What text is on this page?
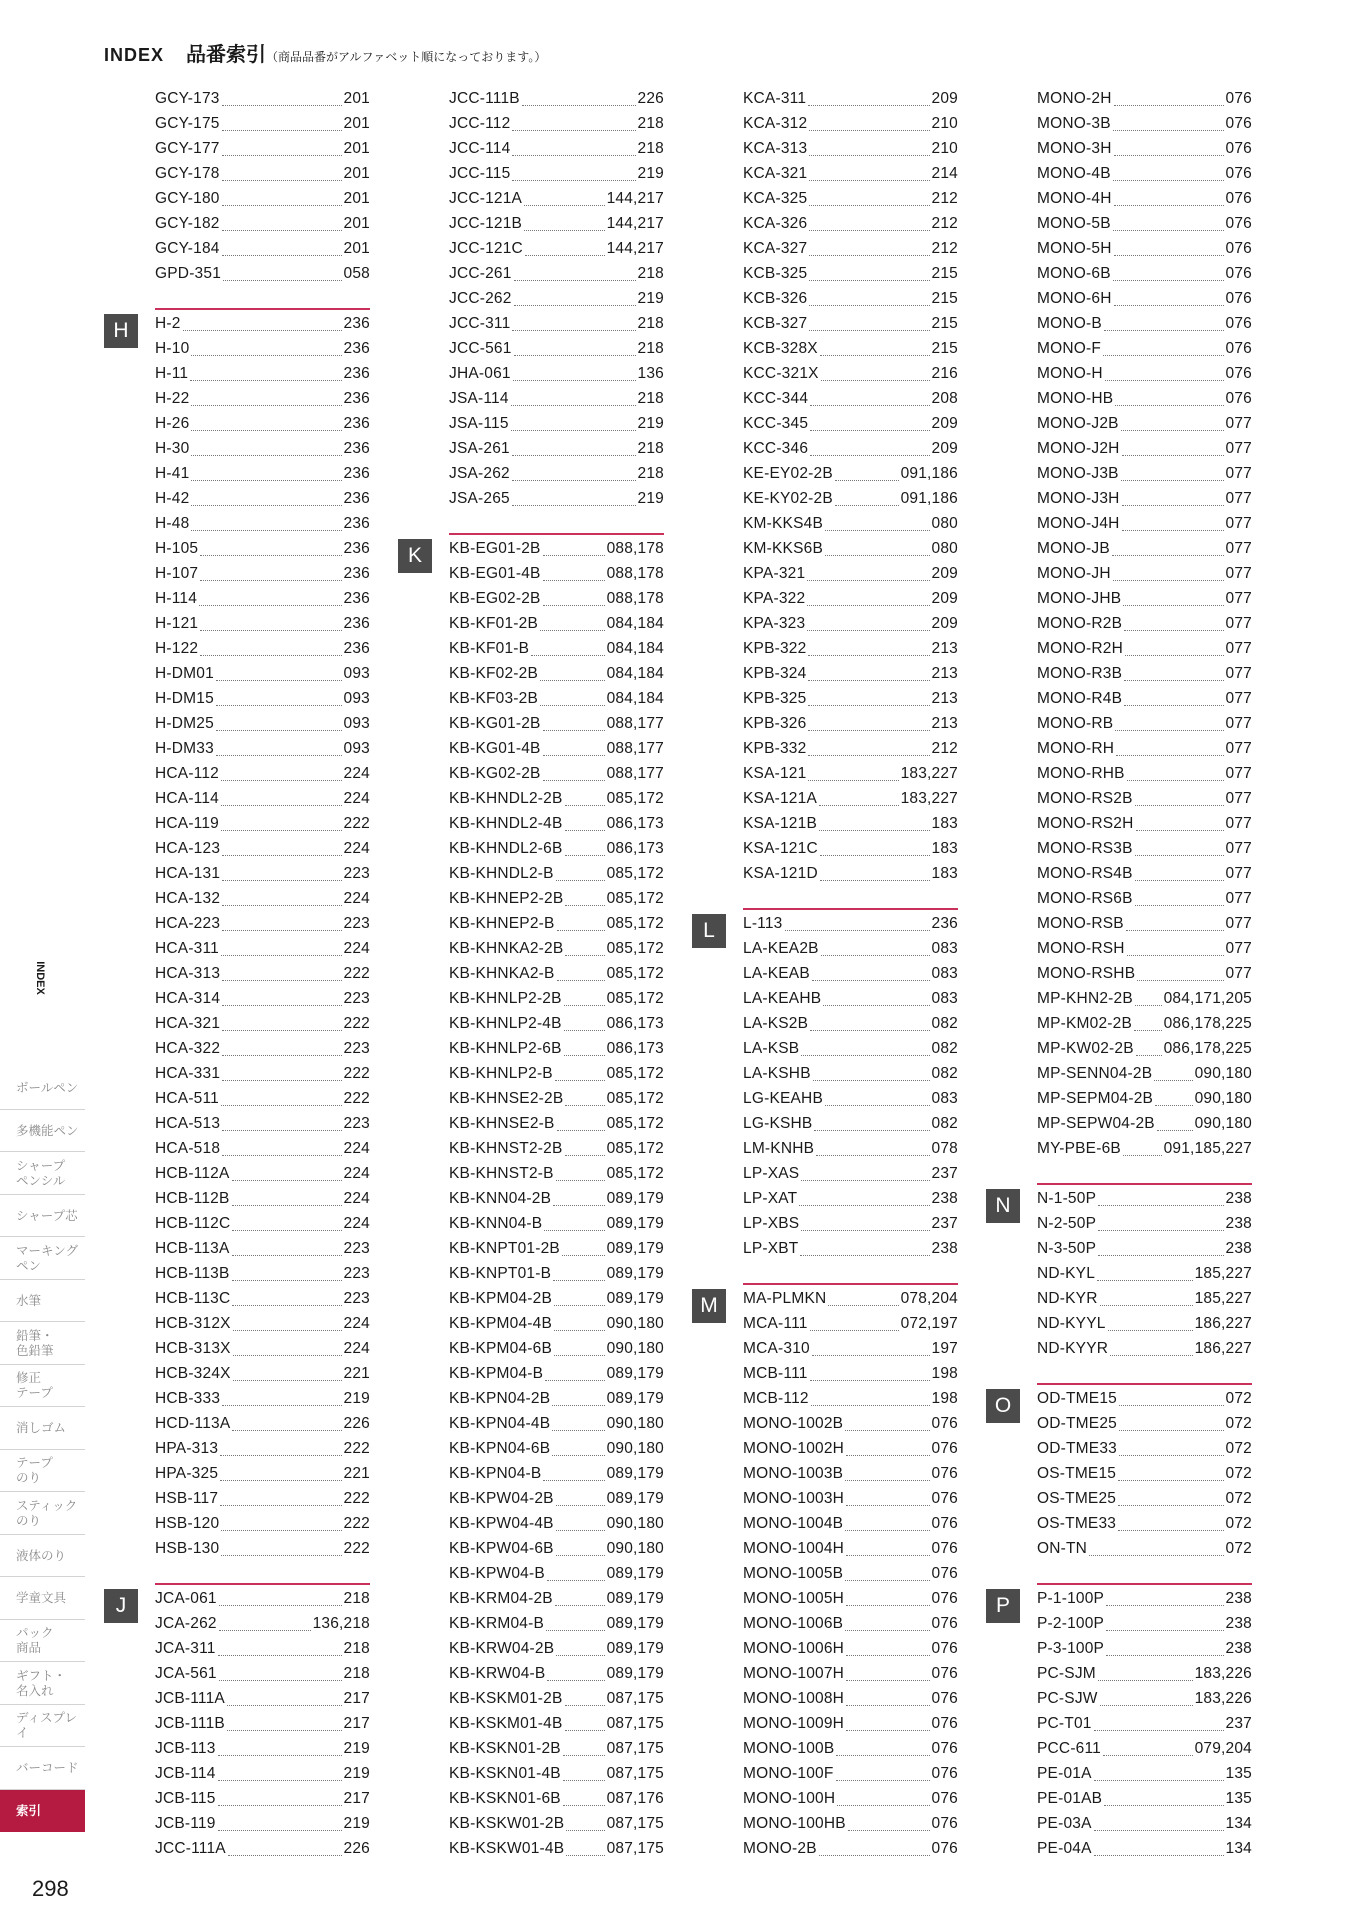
INDEX 品番索引 （商品品番がアルファベット順になっております。）
INDEX
ボールペン
多機能ペン
シャープ
ペンシル
シャープ芯
マーキング
ペン
水筆
鉛筆・
色鉛筆
修正
テープ
消しゴム
テープ
のり
スティック
のり
液体のり
学童文具
パック
商品
ギフト・
名入れ
ディスプレイ
バーコード
索引
298
H
J
K
L
M
N
O
P
GCY-173	201
GCY-175	201
GCY-177	201
GCY-178	201
GCY-180	201
GCY-182	201
GCY-184	201
GPD-351	058
H-2	236
H-10	236
H-11	236
H-22	236
H-26	236
H-30	236
H-41	236
H-42	236
H-48	236
H-105	236
H-107	236
H-114	236
H-121	236
H-122	236
H-DM01	093
H-DM15	093
H-DM25	093
H-DM33	093
HCA-112	224
HCA-114	224
HCA-119	222
HCA-123	224
HCA-131	223
HCA-132	224
HCA-223	223
HCA-311	224
HCA-313	222
HCA-314	223
HCA-321	222
HCA-322	223
HCA-331	222
HCA-511	222
HCA-513	223
HCA-518	224
HCB-112A	224
HCB-112B	224
HCB-112C	224
HCB-113A	223
HCB-113B	223
HCB-113C	223
HCB-312X	224
HCB-313X	224
HCB-324X	221
HCB-333	219
HCD-113A	226
HPA-313	222
HPA-325	221
HSB-117	222
HSB-120	222
HSB-130	222
JCA-061	218
JCA-262	136,218
JCA-311	218
JCA-561	218
JCB-111A	217
JCB-111B	217
JCB-113	219
JCB-114	219
JCB-115	217
JCB-119	219
JCC-111A	226
JCC-111B	226
JCC-112	218
JCC-114	218
JCC-115	219
JCC-121A	144,217
JCC-121B	144,217
JCC-121C	144,217
JCC-261	218
JCC-262	219
JCC-311	218
JCC-561	218
JHA-061	136
JSA-114	218
JSA-115	219
JSA-261	218
JSA-262	218
JSA-265	219
KB-EG01-2B	088,178
KB-EG01-4B	088,178
KB-EG02-2B	088,178
KB-KF01-2B	084,184
KB-KF01-B	084,184
KB-KF02-2B	084,184
KB-KF03-2B	084,184
KB-KG01-2B	088,177
KB-KG01-4B	088,177
KB-KG02-2B	088,177
KB-KHNDL2-2B	085,172
KB-KHNDL2-4B	086,173
KB-KHNDL2-6B	086,173
KB-KHNDL2-B	085,172
KB-KHNEP2-2B	085,172
KB-KHNEP2-B	085,172
KB-KHNKA2-2B	085,172
KB-KHNKA2-B	085,172
KB-KHNLP2-2B	085,172
KB-KHNLP2-4B	086,173
KB-KHNLP2-6B	086,173
KB-KHNLP2-B	085,172
KB-KHNSE2-2B	085,172
KB-KHNSE2-B	085,172
KB-KHNST2-2B	085,172
KB-KHNST2-B	085,172
KB-KNN04-2B	089,179
KB-KNN04-B	089,179
KB-KNPT01-2B	089,179
KB-KNPT01-B	089,179
KB-KPM04-2B	089,179
KB-KPM04-4B	090,180
KB-KPM04-6B	090,180
KB-KPM04-B	089,179
KB-KPN04-2B	089,179
KB-KPN04-4B	090,180
KB-KPN04-6B	090,180
KB-KPN04-B	089,179
KB-KPW04-2B	089,179
KB-KPW04-4B	090,180
KB-KPW04-6B	090,180
KB-KPW04-B	089,179
KB-KRM04-2B	089,179
KB-KRM04-B	089,179
KB-KRW04-2B	089,179
KB-KRW04-B	089,179
KB-KSKM01-2B	087,175
KB-KSKM01-4B	087,175
KB-KSKN01-2B	087,175
KB-KSKN01-4B	087,175
KB-KSKN01-6B	087,176
KB-KSKW01-2B	087,175
KB-KSKW01-4B	087,175
KCA-311	209
KCA-312	210
KCA-313	210
KCA-321	214
KCA-325	212
KCA-326	212
KCA-327	212
KCB-325	215
KCB-326	215
KCB-327	215
KCB-328X	215
KCC-321X	216
KCC-344	208
KCC-345	209
KCC-346	209
KE-EY02-2B	091,186
KE-KY02-2B	091,186
KM-KKS4B	080
KM-KKS6B	080
KPA-321	209
KPA-322	209
KPA-323	209
KPB-322	213
KPB-324	213
KPB-325	213
KPB-326	213
KPB-332	212
KSA-121	183,227
KSA-121A	183,227
KSA-121B	183
KSA-121C	183
KSA-121D	183
L-113	236
LA-KEA2B	083
LA-KEAB	083
LA-KEAHB	083
LA-KS2B	082
LA-KSB	082
LA-KSHB	082
LG-KEAHB	083
LG-KSHB	082
LM-KNHB	078
LP-XAS	237
LP-XAT	238
LP-XBS	237
LP-XBT	238
MA-PLMKN	078,204
MCA-111	072,197
MCA-310	197
MCB-111	198
MCB-112	198
MONO-1002B	076
MONO-1002H	076
MONO-1003B	076
MONO-1003H	076
MONO-1004B	076
MONO-1004H	076
MONO-1005B	076
MONO-1005H	076
MONO-1006B	076
MONO-1006H	076
MONO-1007H	076
MONO-1008H	076
MONO-1009H	076
MONO-100B	076
MONO-100F	076
MONO-100H	076
MONO-100HB	076
MONO-2B	076
MONO-2H	076
MONO-3B	076
MONO-3H	076
MONO-4B	076
MONO-4H	076
MONO-5B	076
MONO-5H	076
MONO-6B	076
MONO-6H	076
MONO-B	076
MONO-F	076
MONO-H	076
MONO-HB	076
MONO-J2B	077
MONO-J2H	077
MONO-J3B	077
MONO-J3H	077
MONO-J4H	077
MONO-JB	077
MONO-JH	077
MONO-JHB	077
MONO-R2B	077
MONO-R2H	077
MONO-R3B	077
MONO-R4B	077
MONO-RB	077
MONO-RH	077
MONO-RHB	077
MONO-RS2B	077
MONO-RS2H	077
MONO-RS3B	077
MONO-RS4B	077
MONO-RS6B	077
MONO-RSB	077
MONO-RSH	077
MONO-RSHB	077
MP-KHN2-2B 084,171,205
MP-KM02-2B 086,178,225
MP-KW02-2B 086,178,225
MP-SENN04-2B	090,180
MP-SEPM04-2B	090,180
MP-SEPW04-2B	090,180
MY-PBE-6B	091,185,227
N-1-50P	238
N-2-50P	238
N-3-50P	238
ND-KYL	185,227
ND-KYR	185,227
ND-KYYL	186,227
ND-KYYR	186,227
OD-TME15	072
OD-TME25	072
OD-TME33	072
OS-TME15	072
OS-TME25	072
OS-TME33	072
ON-TN	072
P-1-100P	238
P-2-100P	238
P-3-100P	238
PC-SJM	183,226
PC-SJW	183,226
PC-T01	237
PCC-611	079,204
PE-01A	135
PE-01AB	135
PE-03A	134
PE-04A	134
